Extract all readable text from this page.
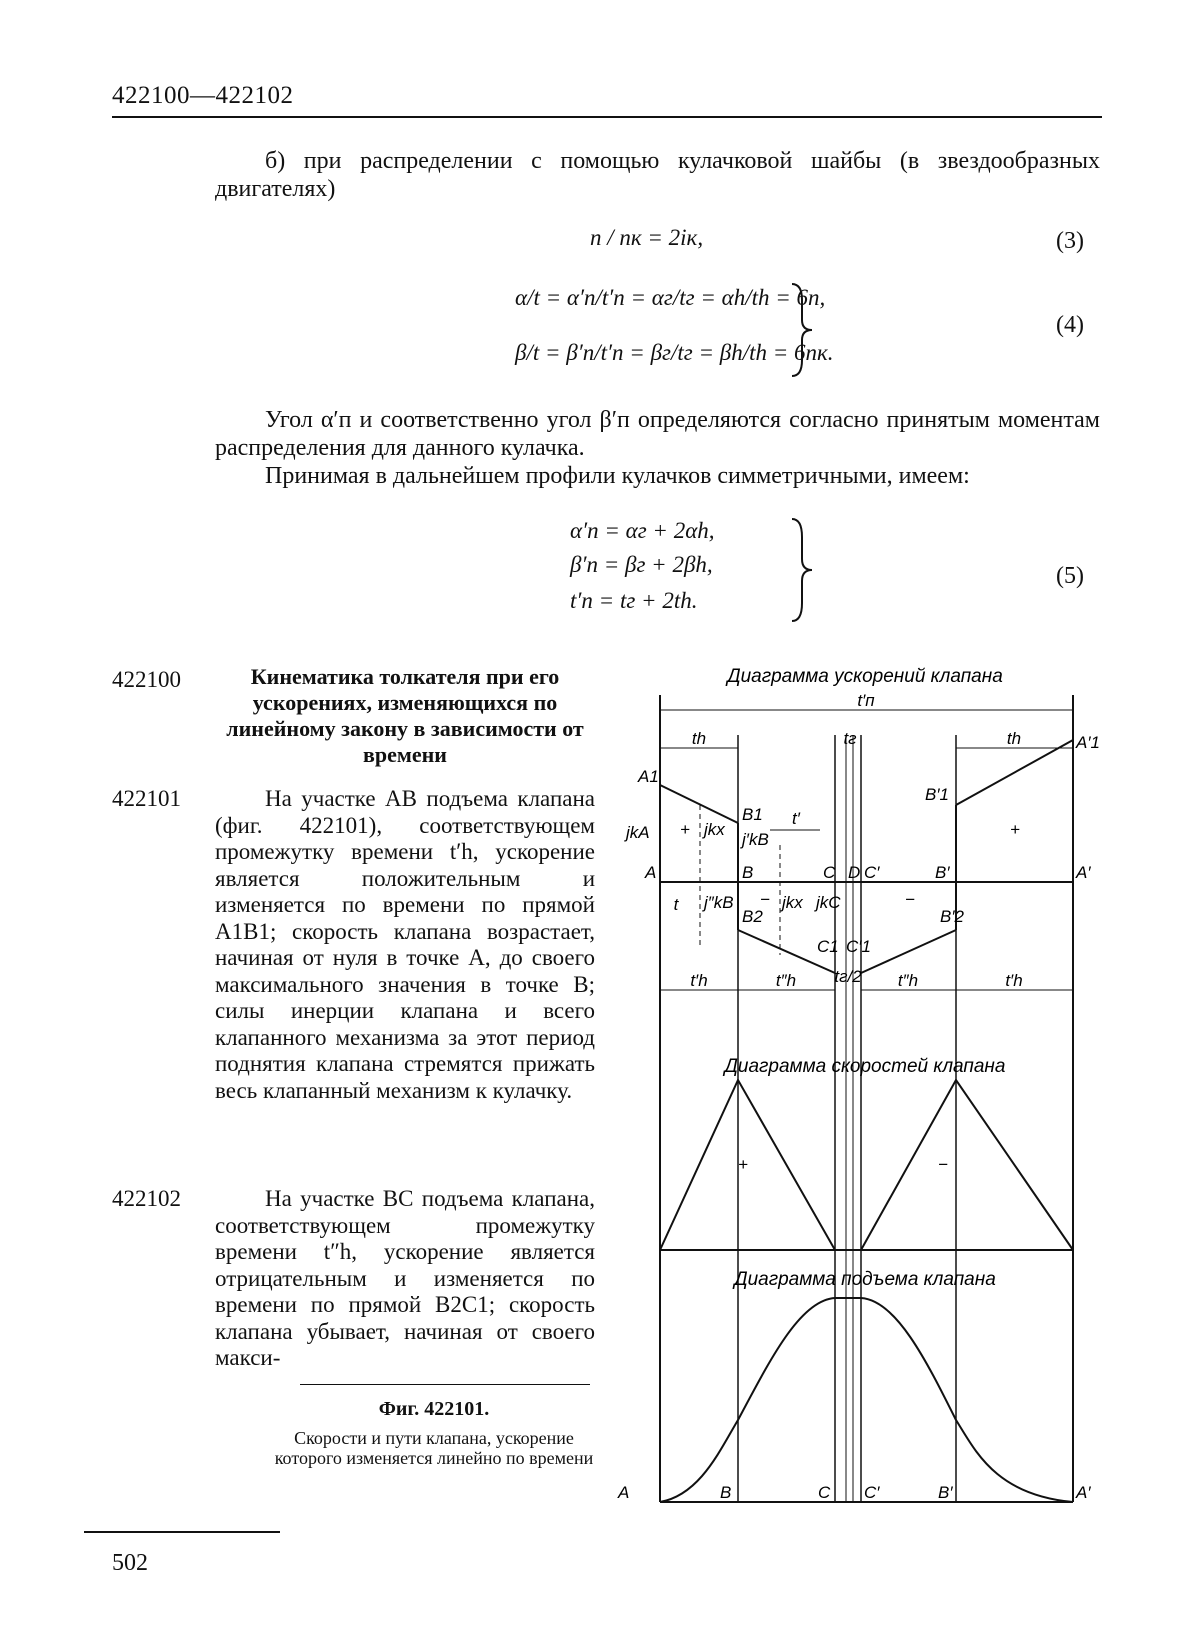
422100—422102
б) при распределении с помощью кулачковой шайбы (в звездообразных двигателях)
n / nк = 2iк,	(3)
α/t = α′п/t′п = αг/tг = αh/th = 6n,
β/t = β′п/t′п = βг/tг = βh/th = 6nк.
(4)
Угол α′п и соответственно угол β′п определяются согласно принятым моментам распределения для данного кулачка.
Принимая в дальнейшем профили кулачков симметричными, имеем:
α′п = αг + 2αh,
β′п = βг + 2βh,
t′п = tг + 2th.
(5)
422100	Кинематика толкателя при его ускорениях, изменяющихся по линейному закону в зависимости от времени
422101	На участке AB подъема клапана (фиг. 422101), соответствующем промежутку времени t′h, ускорение является положительным и изменяется по времени по прямой A1B1; скорость клапана возрастает, начиная от нуля в точке A, до своего максимального значения в точке B; силы инерции клапана и всего клапанного механизма за этот период поднятия клапана стремятся прижать весь клапанный механизм к кулачку.
422102	На участке BC подъема клапана, соответствующем промежутку времени t″h, ускорение является отрицательным и изменяется по времени по прямой B2C1; скорость клапана убывает, начиная от своего макси-
Фиг. 422101.
Скорости и пути клапана, ускорение которого изменяется линейно по времени
Диаграмма ускорений клапана
Диаграмма скоростей клапана
Диаграмма подъема клапана
t′п
th	tг	th
t′
t
t′h	t″h tг/2 t″h	t′h
A1
B1
B′1
A′1
A	B	C D C′	B′	A′
jkA	jkx
j′kB
j″kB	jkx jkC
B2	B′2
C1 C′1
+	+
−	−
+	−
A	B	C C′	B′	A′
502
